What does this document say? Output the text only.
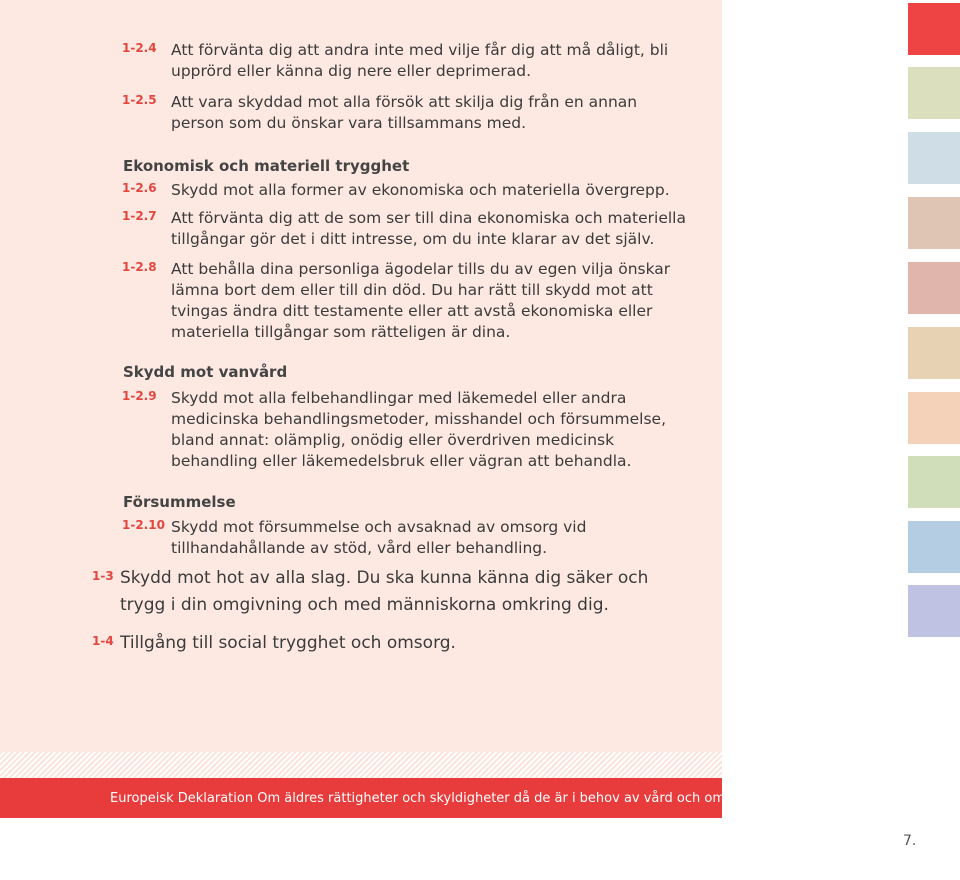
1-2.4 Att förvänta dig att andra inte med vilje får dig att må dåligt, bli upprörd eller känna dig nere eller deprimerad.
1-2.5 Att vara skyddad mot alla försök att skilja dig från en annan person som du önskar vara tillsammans med.
Ekonomisk och materiell trygghet
1-2.6 Skydd mot alla former av ekonomiska och materiella övergrepp.
1-2.7 Att förvänta dig att de som ser till dina ekonomiska och materiella tillgångar gör det i ditt intresse, om du inte klarar av det själv.
1-2.8 Att behålla dina personliga ägodelar tills du av egen vilja önskar lämna bort dem eller till din död. Du har rätt till skydd mot att tvingas ändra ditt testamente eller att avstå ekonomiska eller materiella tillgångar som rätteligen är dina.
Skydd mot vanvård
1-2.9 Skydd mot alla felbehandlingar med läkemedel eller andra medicinska behandlingsmetoder, misshandel och försummelse, bland annat: olämplig, onödig eller överdriven medicinsk behandling eller läkemedelsbruk eller vägran att behandla.
Försummelse
1-2.10 Skydd mot försummelse och avsaknad av omsorg vid tillhandahållande av stöd, vård eller behandling.
1-3 Skydd mot hot av alla slag. Du ska kunna känna dig säker och trygg i din omgivning och med människorna omkring dig.
1-4 Tillgång till social trygghet och omsorg.
Europeisk Deklaration Om äldres rättigheter och skyldigheter då de är i behov av vård och omsorg
7.
